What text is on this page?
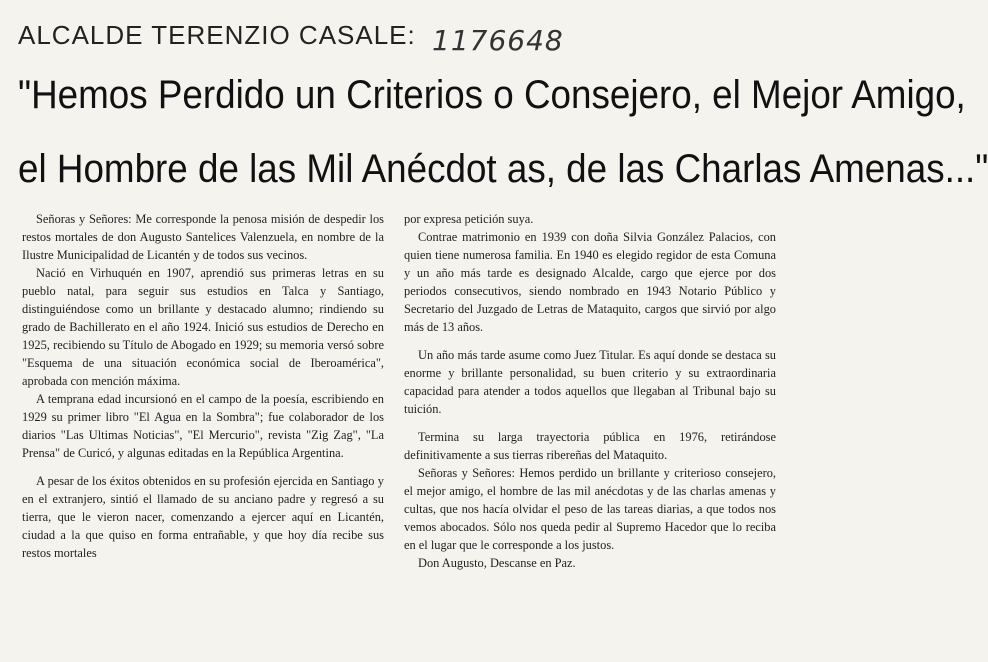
ALCALDE TERENZIO CASALE: 1176648
"Hemos Perdido un Criterios o Consejero, el Mejor Amigo,
el Hombre de las Mil Anécdot as, de las Charlas Amenas..."

Señoras y Señores: Me corresponde la penosa misión de despedir los restos mortales de don Augusto Santelices Valenzuela, en nombre de la Ilustre Municipalidad de Licantén y de todos sus vecinos.

Nació en Virhuquén en 1907, aprendió sus primeras letras en su pueblo natal, para seguir sus estudios en Talca y Santiago, distinguiéndose como un brillante y destacado alumno; rindiendo su grado de Bachillerato en el año 1924. Inició sus estudios de Derecho en 1925, recibiendo su Título de Abogado en 1929; su memoria versó sobre "Esquema de una situación económica social de Iberoamérica", aprobada con mención máxima.

A temprana edad incursionó en el campo de la poesía, escribiendo en 1929 su primer libro "El Agua en la Sombra"; fue colaborador de los diarios "Las Ultimas Noticias", "El Mercurio", revista "Zig Zag", "La Prensa" de Curicó, y algunas editadas en la República Argentina.

A pesar de los éxitos obtenidos en su profesión ejercida en Santiago y en el extranjero, sintió el llamado de su anciano padre y regresó a su tierra, que le vieron nacer, comenzando a ejercer aquí en Licantén, ciudad a la que quiso en forma entrañable, y que hoy día recibe sus restos mortales

por expresa petición suya.

Contrae matrimonio en 1939 con doña Silvia González Palacios, con quien tiene numerosa familia. En 1940 es elegido regidor de esta Comuna y un año más tarde es designado Alcalde, cargo que ejerce por dos periodos consecutivos, siendo nombrado en 1943 Notario Público y Secretario del Juzgado de Letras de Mataquito, cargos que sirvió por algo más de 13 años.

Un año más tarde asume como Juez Titular. Es aquí donde se destaca su enorme y brillante personalidad, su buen criterio y su extraordinaria capacidad para atender a todos aquellos que llegaban al Tribunal bajo su tuición.

Termina su larga trayectoria pública en 1976, retirándose definitivamente a sus tierras ribereñas del Mataquito.

Señoras y Señores: Hemos perdido un brillante y criterioso consejero, el mejor amigo, el hombre de las mil anécdotas y de las charlas amenas y cultas, que nos hacía olvidar el peso de las tareas diarias, a que todos nos vemos abocados. Sólo nos queda pedir al Supremo Hacedor que lo reciba en el lugar que le corresponde a los justos.

Don Augusto, Descanse en Paz.
